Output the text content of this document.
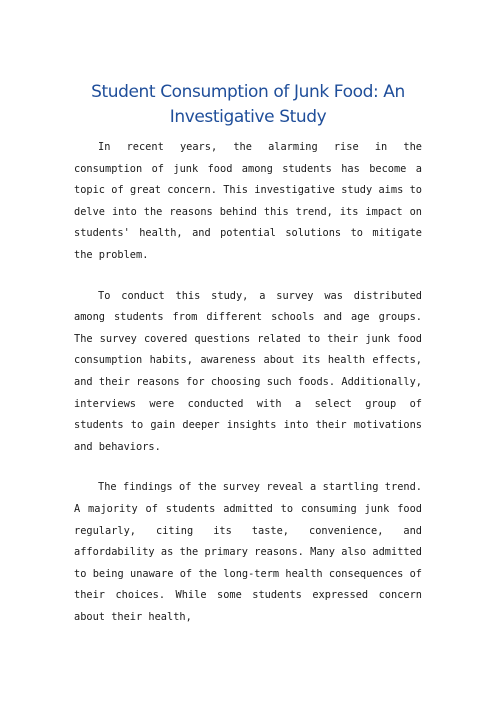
Student Consumption of Junk Food: An Investigative Study

In recent years, the alarming rise in the consumption of junk food among students has become a topic of great concern. This investigative study aims to delve into the reasons behind this trend, its impact on students' health, and potential solutions to mitigate the problem.

To conduct this study, a survey was distributed among students from different schools and age groups. The survey covered questions related to their junk food consumption habits, awareness about its health effects, and their reasons for choosing such foods. Additionally, interviews were conducted with a select group of students to gain deeper insights into their motivations and behaviors.

The findings of the survey reveal a startling trend. A majority of students admitted to consuming junk food regularly, citing its taste, convenience, and affordability as the primary reasons. Many also admitted to being unaware of the long-term health consequences of their choices. While some students expressed concern about their health,
